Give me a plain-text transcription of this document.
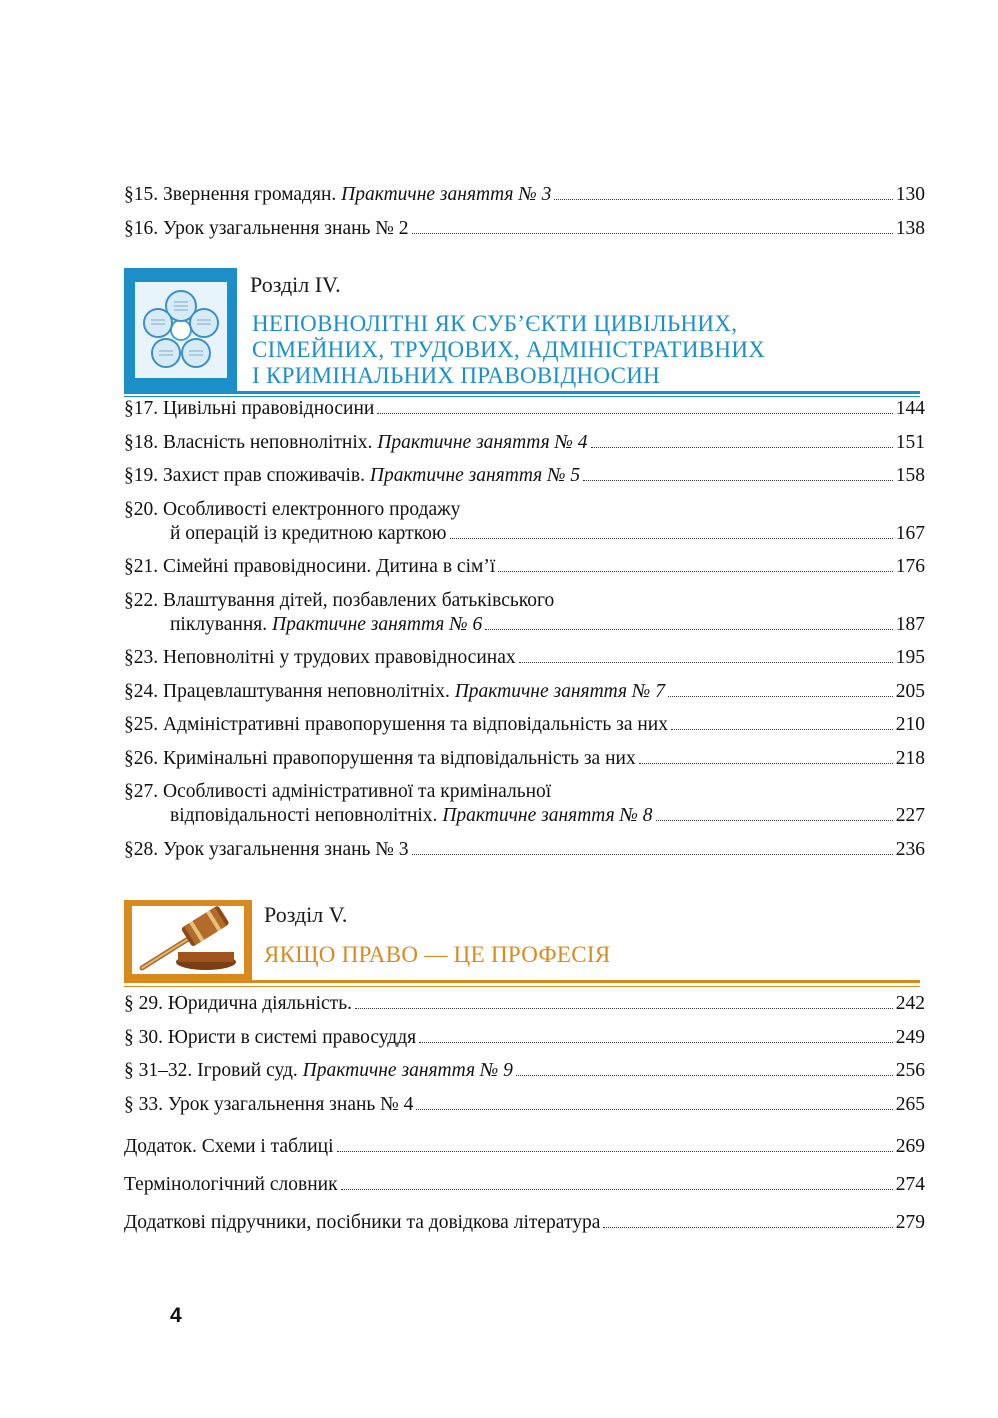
§15. Звернення громадян. Практичне заняття № 3	130
§16. Урок узагальнення знань № 2	138
Розділ IV.
НЕПОВНОЛІТНІ ЯК СУБ’ЄКТИ ЦИВІЛЬНИХ,
СІМЕЙНИХ, ТРУДОВИХ, АДМІНІСТРАТИВНИХ
І КРИМІНАЛЬНИХ ПРАВОВІДНОСИН
§17. Цивільні правовідносини	144
§18. Власність неповнолітніх. Практичне заняття № 4	151
§19. Захист прав споживачів. Практичне заняття № 5	158
§20. Особливості електронного продажу
й операцій із кредитною карткою	167
§21. Сімейні правовідносини. Дитина в сім’ї	176
§22. Влаштування дітей, позбавлених батьківського
піклування. Практичне заняття № 6	187
§23. Неповнолітні у трудових правовідносинах	195
§24. Працевлаштування неповнолітніх. Практичне заняття № 7	205
§25. Адміністративні правопорушення та відповідальність за них	210
§26. Кримінальні правопорушення та відповідальність за них	218
§27. Особливості адміністративної та кримінальної
відповідальності неповнолітніх. Практичне заняття № 8	227
§28. Урок узагальнення знань № 3	236
Розділ V.
ЯКЩО ПРАВО — ЦЕ ПРОФЕСІЯ
§ 29. Юридична діяльність.	242
§ 30. Юристи в системі правосуддя	249
§ 31–32. Ігровий суд. Практичне заняття № 9	256
§ 33. Урок узагальнення знань № 4	265
Додаток. Схеми і таблиці	269
Термінологічний словник	274
Додаткові підручники, посібники та довідкова література	279
4
